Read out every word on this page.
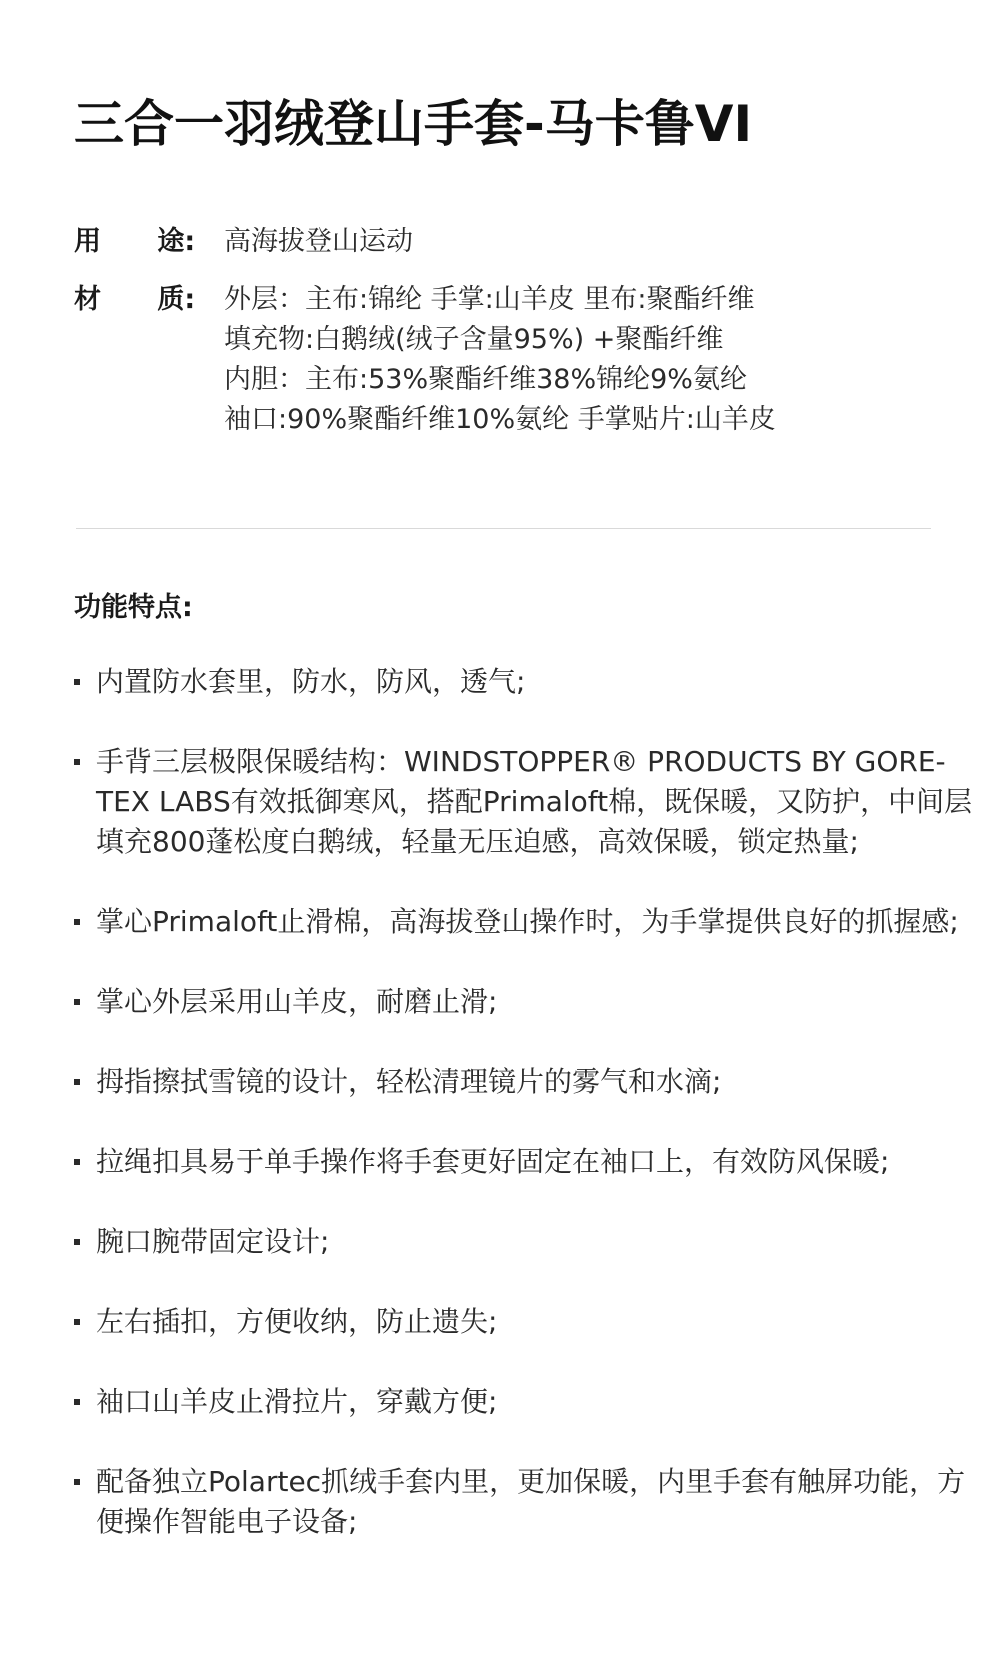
三合一羽绒登山手套-马卡鲁VI
用      途:	高海拔登山运动
材      质:	外层：主布:锦纶 手掌:山羊皮 里布:聚酯纤维
填充物:白鹅绒(绒子含量95%) +聚酯纤维
内胆：主布:53%聚酯纤维38%锦纶9%氨纶
袖口:90%聚酯纤维10%氨纶 手掌贴片:山羊皮
功能特点:
内置防水套里，防水，防风，透气;
手背三层极限保暖结构：WINDSTOPPER® PRODUCTS BY GORE-TEX LABS有效抵御寒风，搭配Primaloft棉，既保暖，又防护，中间层填充800蓬松度白鹅绒，轻量无压迫感，高效保暖，锁定热量;
掌心Primaloft止滑棉，高海拔登山操作时，为手掌提供良好的抓握感;
掌心外层采用山羊皮，耐磨止滑;
拇指擦拭雪镜的设计，轻松清理镜片的雾气和水滴;
拉绳扣具易于单手操作将手套更好固定在袖口上，有效防风保暖;
腕口腕带固定设计;
左右插扣，方便收纳，防止遗失;
袖口山羊皮止滑拉片，穿戴方便;
配备独立Polartec抓绒手套内里，更加保暖，内里手套有触屏功能，方便操作智能电子设备;
